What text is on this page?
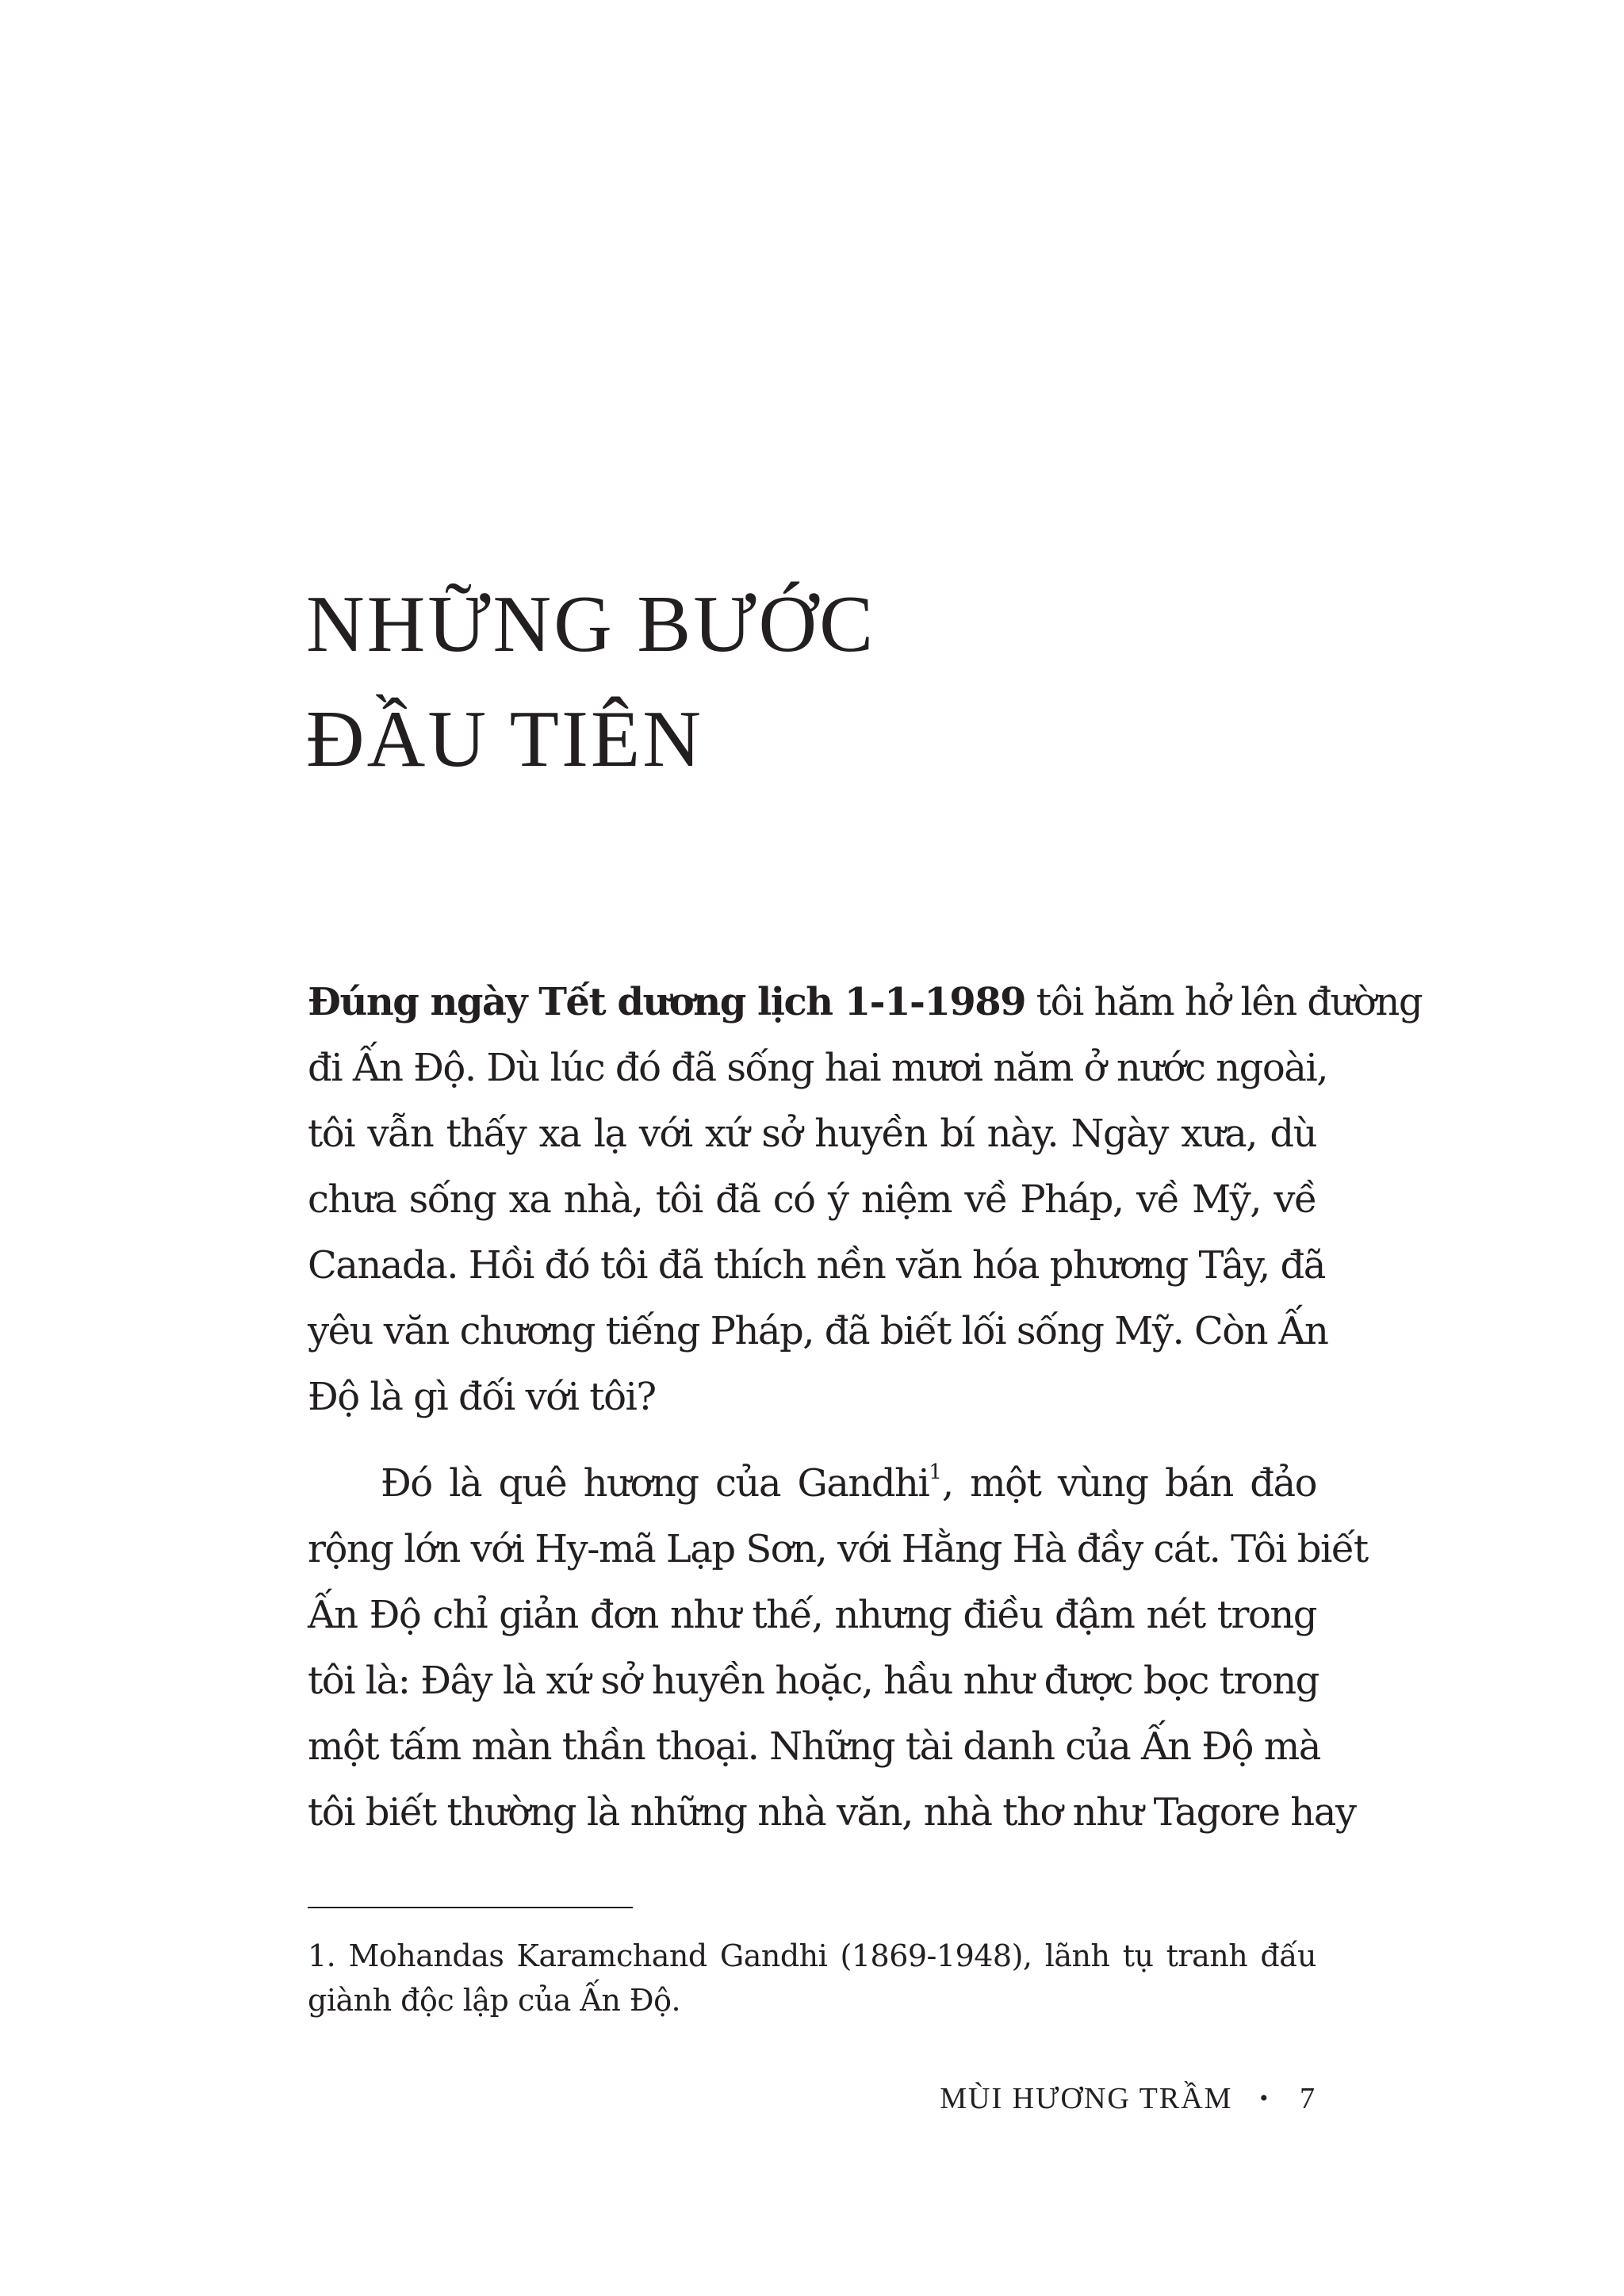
NHỮNG BƯỚC
ĐẦU TIÊN
Đúng ngày Tết dương lịch 1-1-1989 tôi hăm hở lên đường
đi Ấn Độ. Dù lúc đó đã sống hai mươi năm ở nước ngoài,
tôi vẫn thấy xa lạ với xứ sở huyền bí này. Ngày xưa, dù
chưa sống xa nhà, tôi đã có ý niệm về Pháp, về Mỹ, về
Canada. Hồi đó tôi đã thích nền văn hóa phương Tây, đã
yêu văn chương tiếng Pháp, đã biết lối sống Mỹ. Còn Ấn
Độ là gì đối với tôi?
Đó là quê hương của Gandhi$^1$, một vùng bán đảo
rộng lớn với Hy-mã Lạp Sơn, với Hằng Hà đầy cát. Tôi biết
Ấn Độ chỉ giản đơn như thế, nhưng điều đậm nét trong
tôi là: Đây là xứ sở huyền hoặc, hầu như được bọc trong
một tấm màn thần thoại. Những tài danh của Ấn Độ mà
tôi biết thường là những nhà văn, nhà thơ như Tagore hay
1. Mohandas Karamchand Gandhi (1869-1948), lãnh tụ tranh đấu
giành độc lập của Ấn Độ.
MÙI HƯƠNG TRẦM • 7
